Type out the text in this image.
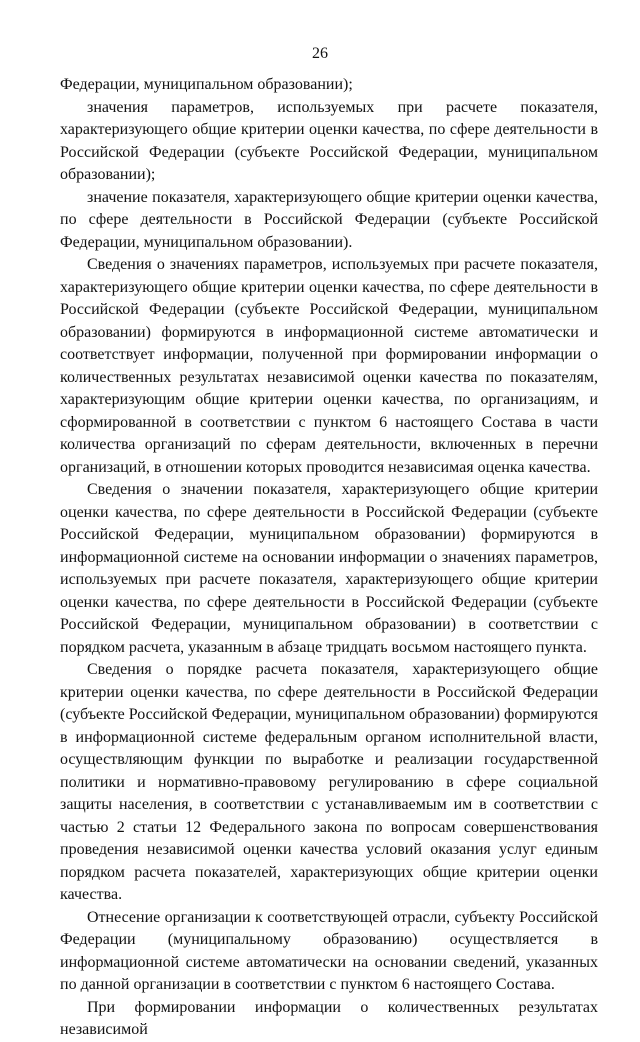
26

Федерации, муниципальном образовании);

значения параметров, используемых при расчете показателя, характеризующего общие критерии оценки качества, по сфере деятельности в Российской Федерации (субъекте Российской Федерации, муниципальном образовании);

значение показателя, характеризующего общие критерии оценки качества, по сфере деятельности в Российской Федерации (субъекте Российской Федерации, муниципальном образовании).

Сведения о значениях параметров, используемых при расчете показателя, характеризующего общие критерии оценки качества, по сфере деятельности в Российской Федерации (субъекте Российской Федерации, муниципальном образовании) формируются в информационной системе автоматически и соответствует информации, полученной при формировании информации о количественных результатах независимой оценки качества по показателям, характеризующим общие критерии оценки качества, по организациям, и сформированной в соответствии с пунктом 6 настоящего Состава в части количества организаций по сферам деятельности, включенных в перечни организаций, в отношении которых проводится независимая оценка качества.

Сведения о значении показателя, характеризующего общие критерии оценки качества, по сфере деятельности в Российской Федерации (субъекте Российской Федерации, муниципальном образовании) формируются в информационной системе на основании информации о значениях параметров, используемых при расчете показателя, характеризующего общие критерии оценки качества, по сфере деятельности в Российской Федерации (субъекте Российской Федерации, муниципальном образовании) в соответствии с порядком расчета, указанным в абзаце тридцать восьмом настоящего пункта.

Сведения о порядке расчета показателя, характеризующего общие критерии оценки качества, по сфере деятельности в Российской Федерации (субъекте Российской Федерации, муниципальном образовании) формируются в информационной системе федеральным органом исполнительной власти, осуществляющим функции по выработке и реализации государственной политики и нормативно-правовому регулированию в сфере социальной защиты населения, в соответствии с устанавливаемым им в соответствии с частью 2 статьи 12 Федерального закона по вопросам совершенствования проведения независимой оценки качества условий оказания услуг единым порядком расчета показателей, характеризующих общие критерии оценки качества.

Отнесение организации к соответствующей отрасли, субъекту Российской Федерации (муниципальному образованию) осуществляется в информационной системе автоматически на основании сведений, указанных по данной организации в соответствии с пунктом 6 настоящего Состава.

При формировании информации о количественных результатах независимой
